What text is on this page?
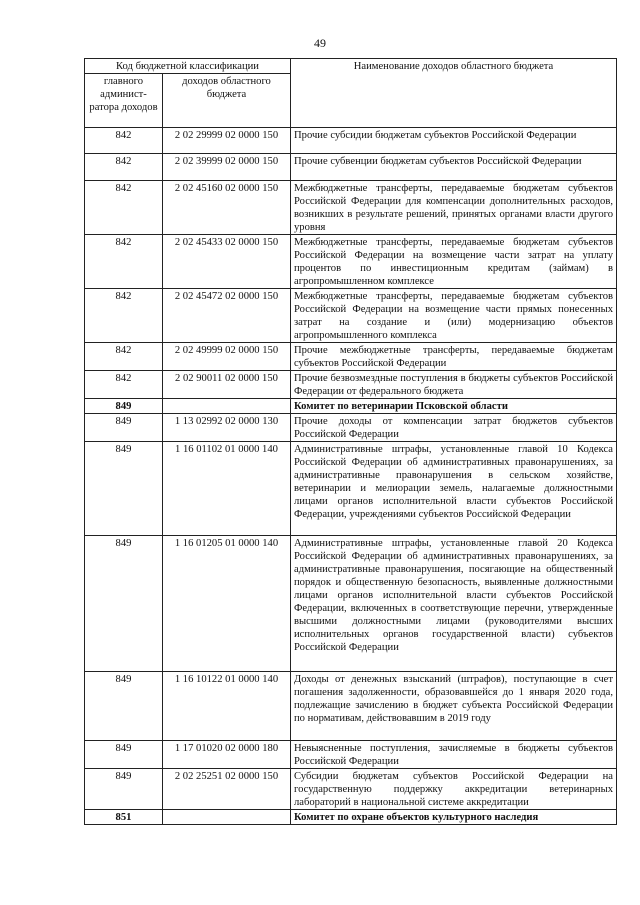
49
Код бюджетной классификации		Наименование доходов областного бюджета
главного админист-ратора доходов	доходов областного бюджета	
842	2 02 29999 02 0000 150	Прочие субсидии бюджетам субъектов Российской Федерации
842	2 02 39999 02 0000 150	Прочие субвенции бюджетам субъектов Российской Федерации
842	2 02 45160 02 0000 150	Межбюджетные трансферты, передаваемые бюджетам субъектов Российской Федерации для компенсации дополнительных расходов, возникших в результате решений, принятых органами власти другого уровня
842	2 02 45433 02 0000 150	Межбюджетные трансферты, передаваемые бюджетам субъектов Российской Федерации на возмещение части затрат на уплату процентов по инвестиционным кредитам (займам) в агропромышленном комплексе
842	2 02 45472 02 0000 150	Межбюджетные трансферты, передаваемые бюджетам субъектов Российской Федерации на возмещение части прямых понесенных затрат на создание и (или) модернизацию объектов агропромышленного комплекса
842	2 02 49999 02 0000 150	Прочие межбюджетные трансферты, передаваемые бюджетам субъектов Российской Федерации
842	2 02 90011 02 0000 150	Прочие безвозмездные поступления в бюджеты субъектов Российской Федерации от федерального бюджета
849		Комитет по ветеринарии Псковской области
849	1 13 02992 02 0000 130	Прочие доходы от компенсации затрат бюджетов субъектов Российской Федерации
849	1 16 01102 01 0000 140	Административные штрафы, установленные главой 10 Кодекса Российской Федерации об административных правонарушениях, за административные правонарушения в сельском хозяйстве, ветеринарии и мелиорации земель, налагаемые должностными лицами органов исполнительной власти субъектов Российской Федерации, учреждениями субъектов Российской Федерации
849	1 16 01205 01 0000 140	Административные штрафы, установленные главой 20 Кодекса Российской Федерации об административных правонарушениях, за административные правонарушения, посягающие на общественный порядок и общественную безопасность, выявленные должностными лицами органов исполнительной власти субъектов Российской Федерации, включенных в соответствующие перечни, утвержденные высшими должностными лицами (руководителями высших исполнительных органов государственной власти) субъектов Российской Федерации
849	1 16 10122 01 0000 140	Доходы от денежных взысканий (штрафов), поступающие в счет погашения задолженности, образовавшейся до 1 января 2020 года, подлежащие зачислению в бюджет субъекта Российской Федерации по нормативам, действовавшим в 2019 году
849	1 17 01020 02 0000 180	Невыясненные поступления, зачисляемые в бюджеты субъектов Российской Федерации
849	2 02 25251 02 0000 150	Субсидии бюджетам субъектов Российской Федерации на государственную поддержку аккредитации ветеринарных лабораторий в национальной системе аккредитации
851		Комитет по охране объектов культурного наследия
